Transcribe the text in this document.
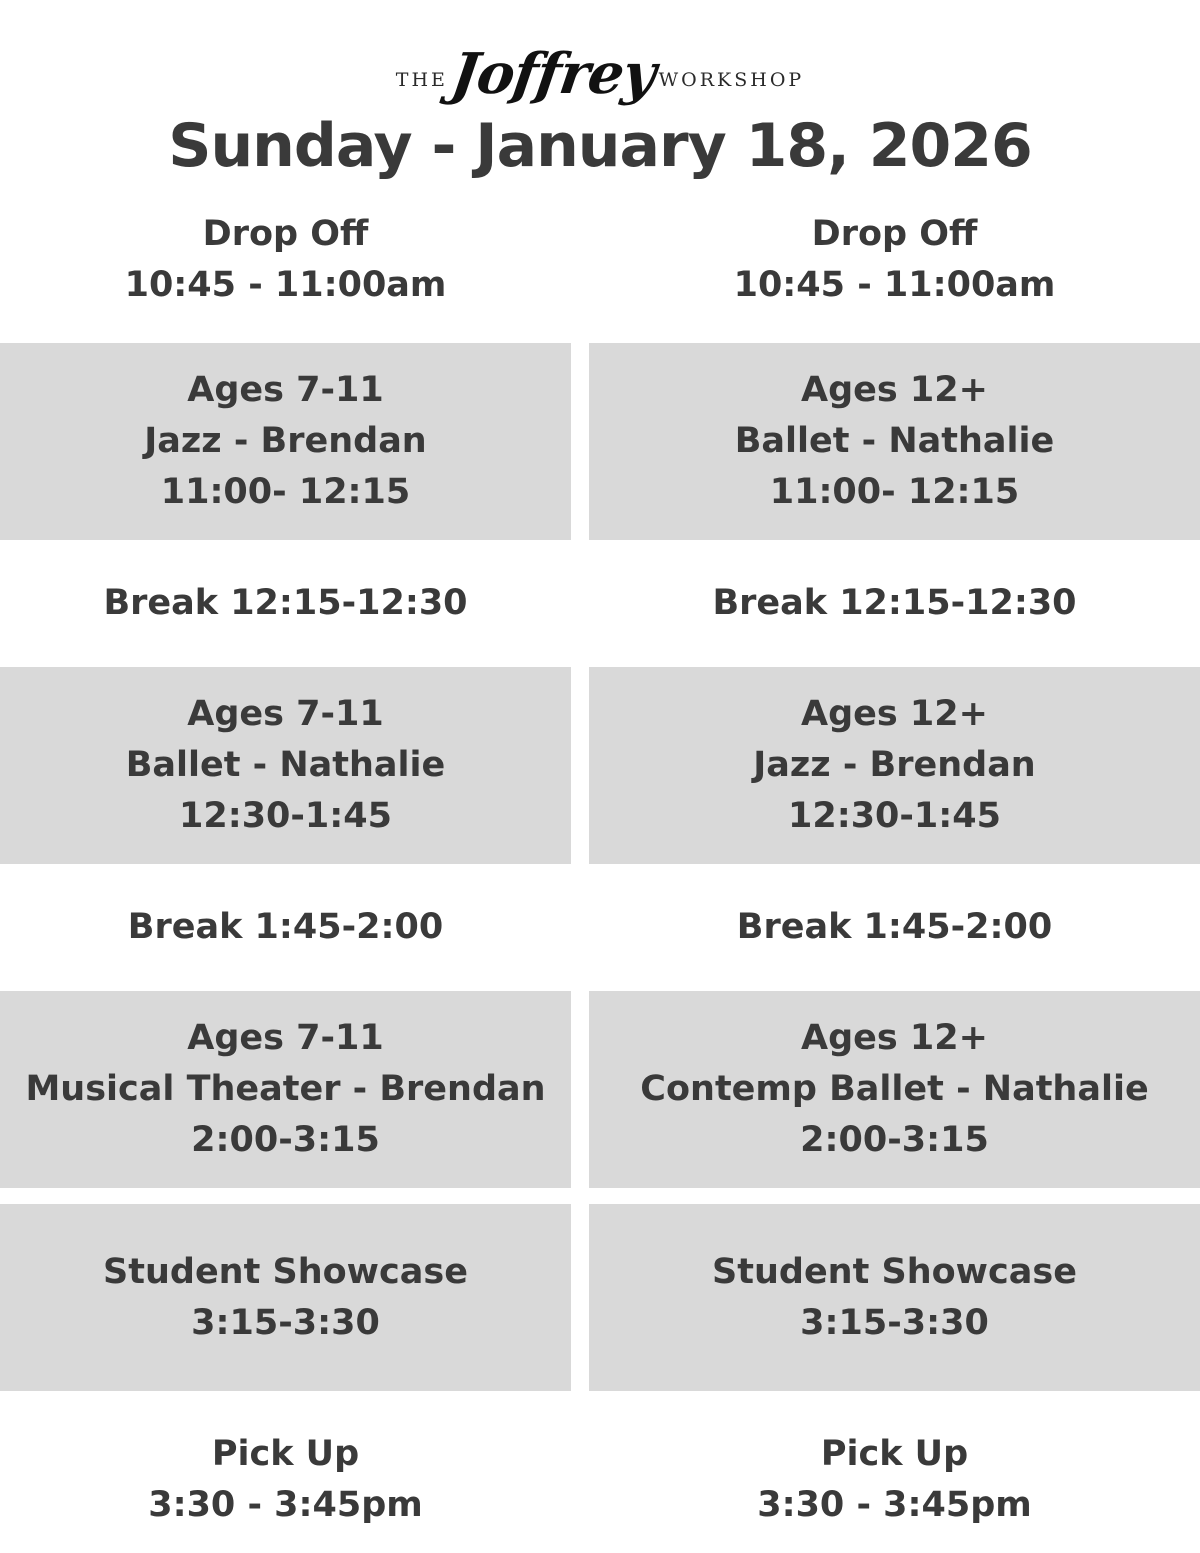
THE Joffrey WORKSHOP
Sunday - January 18, 2026
Drop Off
10:45 - 11:00am
Drop Off
10:45 - 11:00am
Ages 7-11
Jazz - Brendan
11:00- 12:15
Ages 12+
Ballet - Nathalie
11:00- 12:15
Break 12:15-12:30	Break 12:15-12:30
Ages 7-11
Ballet - Nathalie
12:30-1:45
Ages 12+
Jazz - Brendan
12:30-1:45
Break 1:45-2:00	Break 1:45-2:00
Ages 7-11
Musical Theater - Brendan
2:00-3:15
Ages 12+
Contemp Ballet - Nathalie
2:00-3:15
Student Showcase
3:15-3:30
Student Showcase
3:15-3:30
Pick Up
3:30 - 3:45pm
Pick Up
3:30 - 3:45pm
